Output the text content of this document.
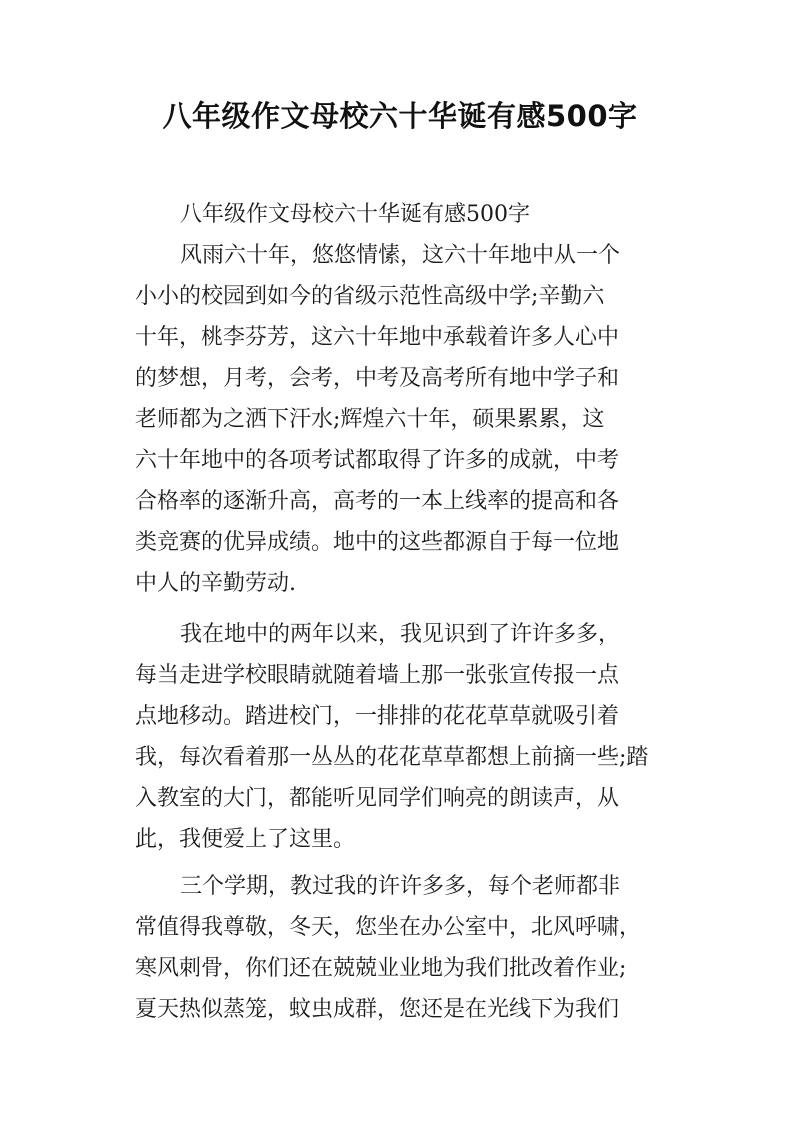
八年级作文母校六十华诞有感500字
八年级作文母校六十华诞有感500字
风雨六十年，悠悠情愫，这六十年地中从一个
小小的校园到如今的省级示范性高级中学;辛勤六
十年，桃李芬芳，这六十年地中承载着许多人心中
的梦想，月考，会考，中考及高考所有地中学子和
老师都为之洒下汗水;辉煌六十年，硕果累累，这
六十年地中的各项考试都取得了许多的成就，中考
合格率的逐渐升高，高考的一本上线率的提高和各
类竞赛的优异成绩。地中的这些都源自于每一位地
中人的辛勤劳动.
我在地中的两年以来，我见识到了许许多多，
每当走进学校眼睛就随着墙上那一张张宣传报一点
点地移动。踏进校门，一排排的花花草草就吸引着
我，每次看着那一丛丛的花花草草都想上前摘一些;踏
入教室的大门，都能听见同学们响亮的朗读声，从
此，我便爱上了这里。
三个学期，教过我的许许多多，每个老师都非
常值得我尊敬，冬天，您坐在办公室中，北风呼啸，
寒风刺骨，你们还在兢兢业业地为我们批改着作业;
夏天热似蒸笼，蚊虫成群，您还是在光线下为我们
